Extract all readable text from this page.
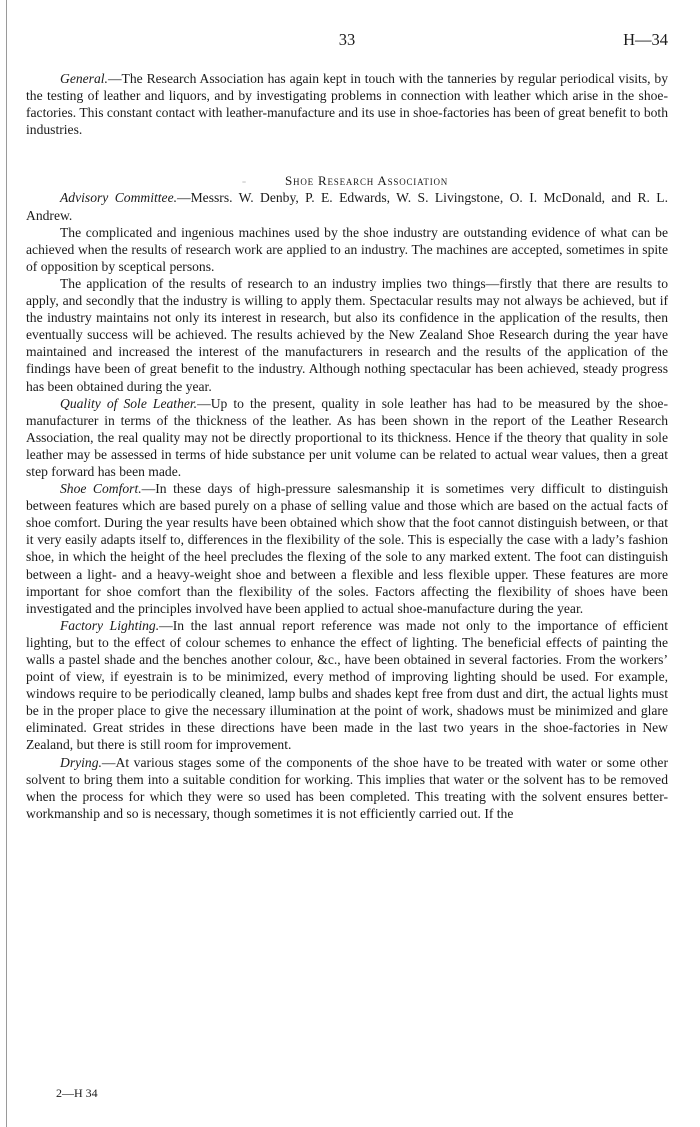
33	H—34

General.—The Research Association has again kept in touch with the tanneries by regular periodical visits, by the testing of leather and liquors, and by investigating problems in connection with leather which arise in the shoe-factories. This constant contact with leather-manufacture and its use in shoe-factories has been of great benefit to both industries.

-	Shoe Research Association

Advisory Committee.—Messrs. W. Denby, P. E. Edwards, W. S. Livingstone, O. I. McDonald, and R. L. Andrew.

The complicated and ingenious machines used by the shoe industry are outstanding evidence of what can be achieved when the results of research work are applied to an industry. The machines are accepted, sometimes in spite of opposition by sceptical persons.

The application of the results of research to an industry implies two things—firstly that there are results to apply, and secondly that the industry is willing to apply them. Spectacular results may not always be achieved, but if the industry maintains not only its interest in research, but also its confidence in the application of the results, then eventually success will be achieved. The results achieved by the New Zealand Shoe Research during the year have maintained and increased the interest of the manufacturers in research and the results of the application of the findings have been of great benefit to the industry. Although nothing spectacular has been achieved, steady progress has been obtained during the year.

Quality of Sole Leather.—Up to the present, quality in sole leather has had to be measured by the shoe-manufacturer in terms of the thickness of the leather. As has been shown in the report of the Leather Research Association, the real quality may not be directly proportional to its thickness. Hence if the theory that quality in sole leather may be assessed in terms of hide substance per unit volume can be related to actual wear values, then a great step forward has been made.

Shoe Comfort.—In these days of high-pressure salesmanship it is sometimes very difficult to distinguish between features which are based purely on a phase of selling value and those which are based on the actual facts of shoe comfort. During the year results have been obtained which show that the foot cannot distinguish between, or that it very easily adapts itself to, differences in the flexibility of the sole. This is especially the case with a lady’s fashion shoe, in which the height of the heel precludes the flexing of the sole to any marked extent. The foot can distinguish between a light- and a heavy-weight shoe and between a flexible and less flexible upper. These features are more important for shoe comfort than the flexibility of the soles. Factors affecting the flexibility of shoes have been investigated and the principles involved have been applied to actual shoe-manufacture during the year.

Factory Lighting.—In the last annual report reference was made not only to the importance of efficient lighting, but to the effect of colour schemes to enhance the effect of lighting. The beneficial effects of painting the walls a pastel shade and the benches another colour, &c., have been obtained in several factories. From the workers’ point of view, if eyestrain is to be minimized, every method of improving lighting should be used. For example, windows require to be periodically cleaned, lamp bulbs and shades kept free from dust and dirt, the actual lights must be in the proper place to give the necessary illumination at the point of work, shadows must be minimized and glare eliminated. Great strides in these directions have been made in the last two years in the shoe-factories in New Zealand, but there is still room for improvement.

Drying.—At various stages some of the components of the shoe have to be treated with water or some other solvent to bring them into a suitable condition for working. This implies that water or the solvent has to be removed when the process for which they were so used has been completed. This treating with the solvent ensures better-workmanship and so is necessary, though sometimes it is not efficiently carried out. If the

2—H 34
